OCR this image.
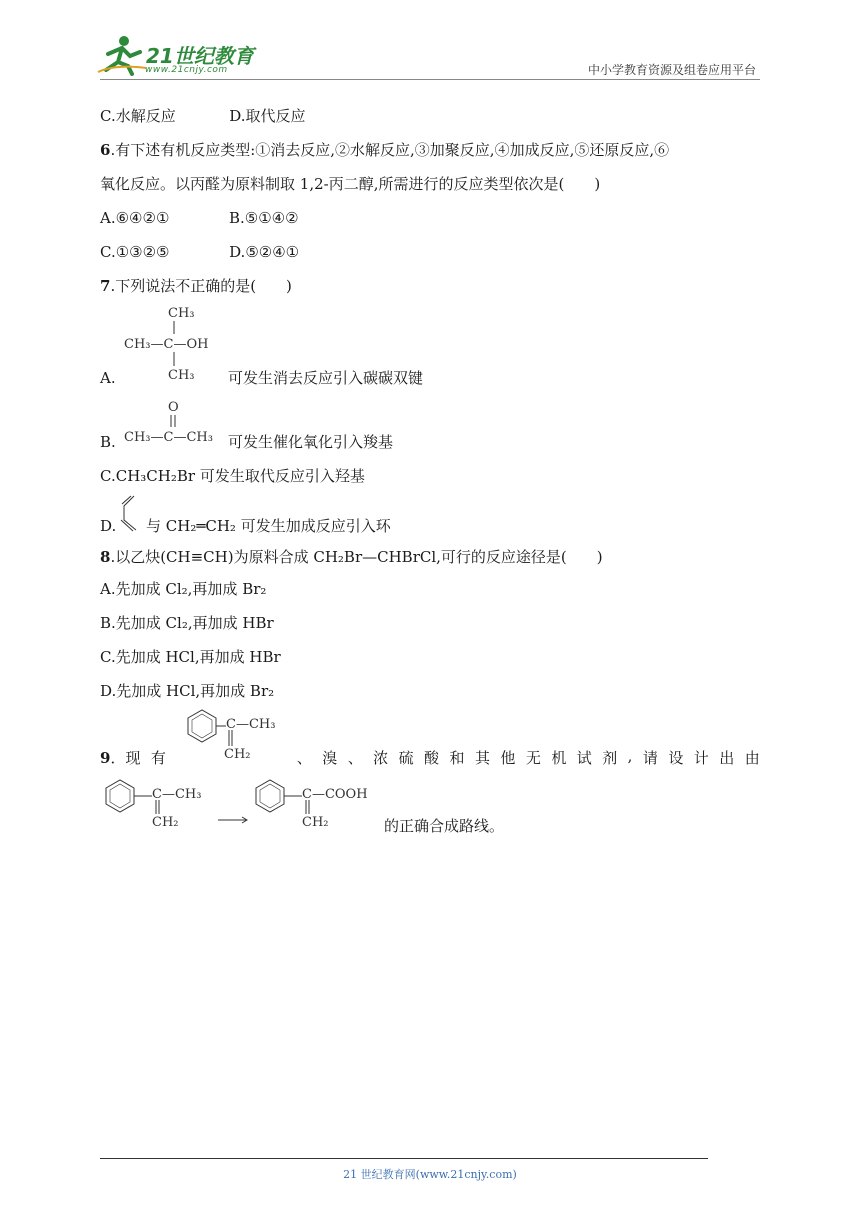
21世纪教育
www.21cnjy.com	中小学教育资源及组卷应用平台
C.水解反应	D.取代反应
6.有下述有机反应类型:①消去反应,②水解反应,③加聚反应,④加成反应,⑤还原反应,⑥
氧化反应。以丙醛为原料制取 1,2-丙二醇,所需进行的反应类型依次是(　　)
A.⑥④②①	B.⑤①④②
C.①③②⑤	D.⑤②④①
7.下列说法不正确的是(　　)
CH₃
CH₃—C—OH
CH₃
A.	可发生消去反应引入碳碳双键
O
CH₃—C—CH₃
B.	可发生催化氧化引入羧基
C.CH₃CH₂Br 可发生取代反应引入羟基
D. 与 CH₂═CH₂ 可发生加成反应引入环
8.以乙炔(CH≡CH)为原料合成 CH₂Br—CHBrCl,可行的反应途径是(　　)
A.先加成 Cl₂,再加成 Br₂
B.先加成 Cl₂,再加成 HBr
C.先加成 HCl,再加成 HBr
D.先加成 HCl,再加成 Br₂
C—CH₃
CH₂
9．现 有	、 溴 、 浓 硫 酸 和 其 他 无 机 试 剂 , 请 设 计 出 由
C—CH₃
CH₂
C—COOH
CH₂	的正确合成路线。
21 世纪教育网(www.21cnjy.com)
